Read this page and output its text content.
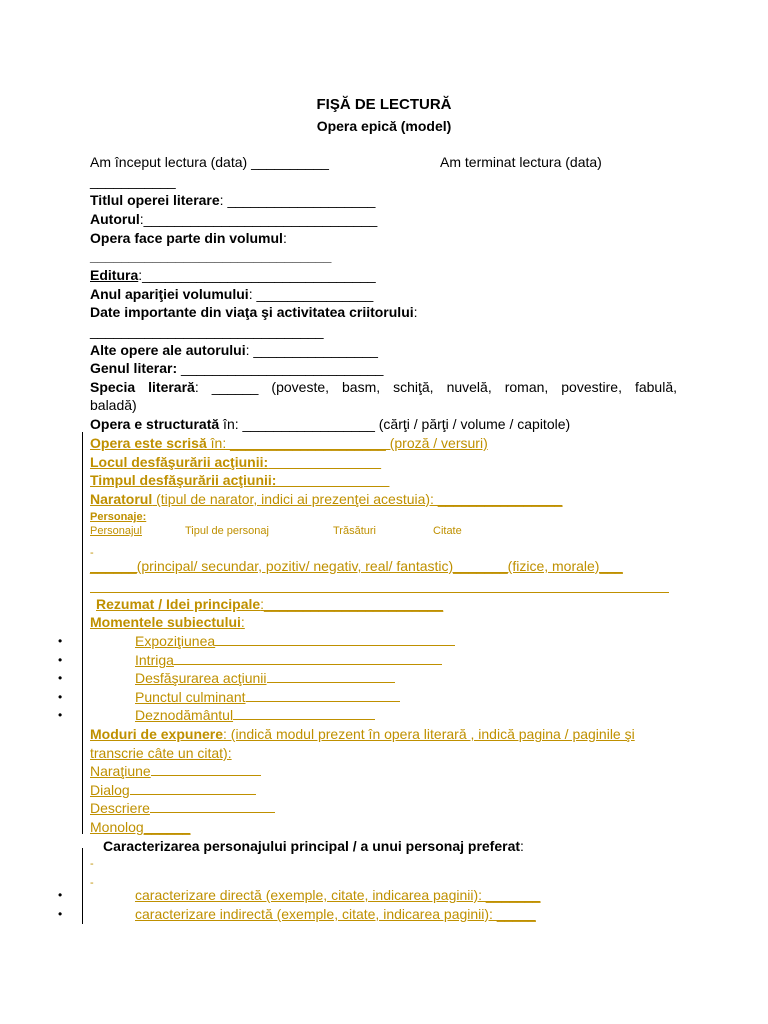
FIŞĂ DE LECTURĂ
Opera epică (model)
Am început lectura (data) __________	Am terminat lectura (data)
___________
Titlul operei literare: ___________________
Autorul:______________________________
Opera face parte din volumul:
_______________________________
Editura:______________________________
Anul apariţiei volumului: _______________
Date importante din viaţa şi activitatea criitorului:
______________________________
Alte opere ale autorului: ________________
Genul literar: __________________________
Specia literară: ______ (poveste, basm, schiţă, nuvelă, roman, povestire, fabulă,
baladă)
Opera e structurată în: _________________ (cărţi / părţi / volume / capitole)
Opera este scrisă în: ____________________ (proză / versuri)
Locul desfăşurării acţiunii: ______________
Timpul desfăşurării acţiunii: ______________
Naratorul (tipul de narator, indici ai prezenţei acestuia): ________________
Personaje:
Personajul	Tipul de personaj	Trăsături	Citate
-
______(principal/ secundar, pozitiv/ negativ, real/ fantastic)_______(fizice, morale)___
Rezumat / Idei principale:_______________________
Momentele subiectului:
•	Expoziţiunea
•	Intriga
•	Desfăşurarea acţiunii
•	Punctul culminant
•	Deznodământul
Moduri de expunere: (indică modul prezent în opera literară , indică pagina / paginile şi
transcrie câte un citat):
Naraţiune
Dialog
Descriere
Monolog______
Caracterizarea personajului principal / a unui personaj preferat:
-
-
•	caracterizare directă (exemple, citate, indicarea paginii): _______
•	caracterizare indirectă (exemple, citate, indicarea paginii): _____
